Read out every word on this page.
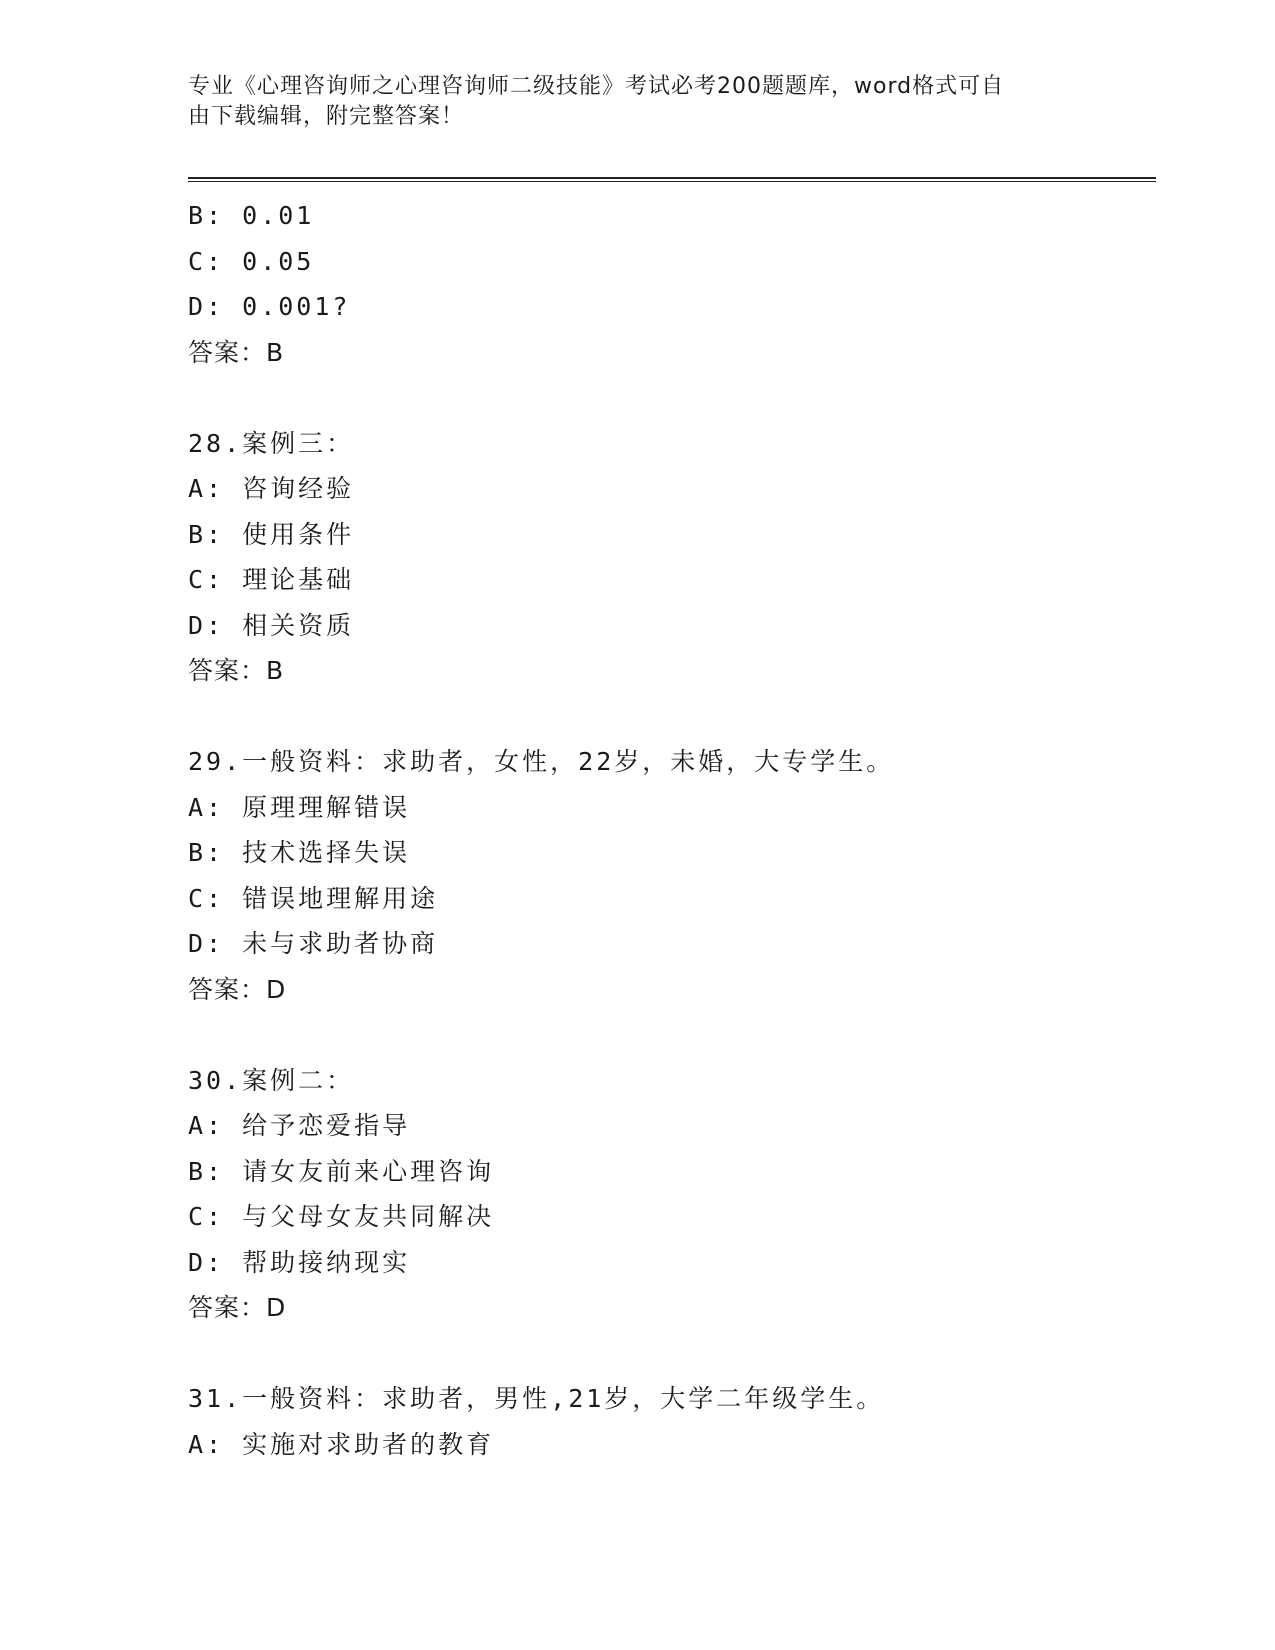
专业《心理咨询师之心理咨询师二级技能》考试必考200题题库，word格式可自
由下载编辑，附完整答案！
B: 0.01
C: 0.05
D: 0.001?
答案：B
28.案例三：
A: 咨询经验
B: 使用条件
C: 理论基础
D: 相关资质
答案：B
29.一般资料：求助者，女性，22岁，未婚，大专学生。
A: 原理理解错误
B: 技术选择失误
C: 错误地理解用途
D: 未与求助者协商
答案：D
30.案例二：
A: 给予恋爱指导
B: 请女友前来心理咨询
C: 与父母女友共同解决
D: 帮助接纳现实
答案：D
31.一般资料：求助者，男性,21岁，大学二年级学生。
A: 实施对求助者的教育
